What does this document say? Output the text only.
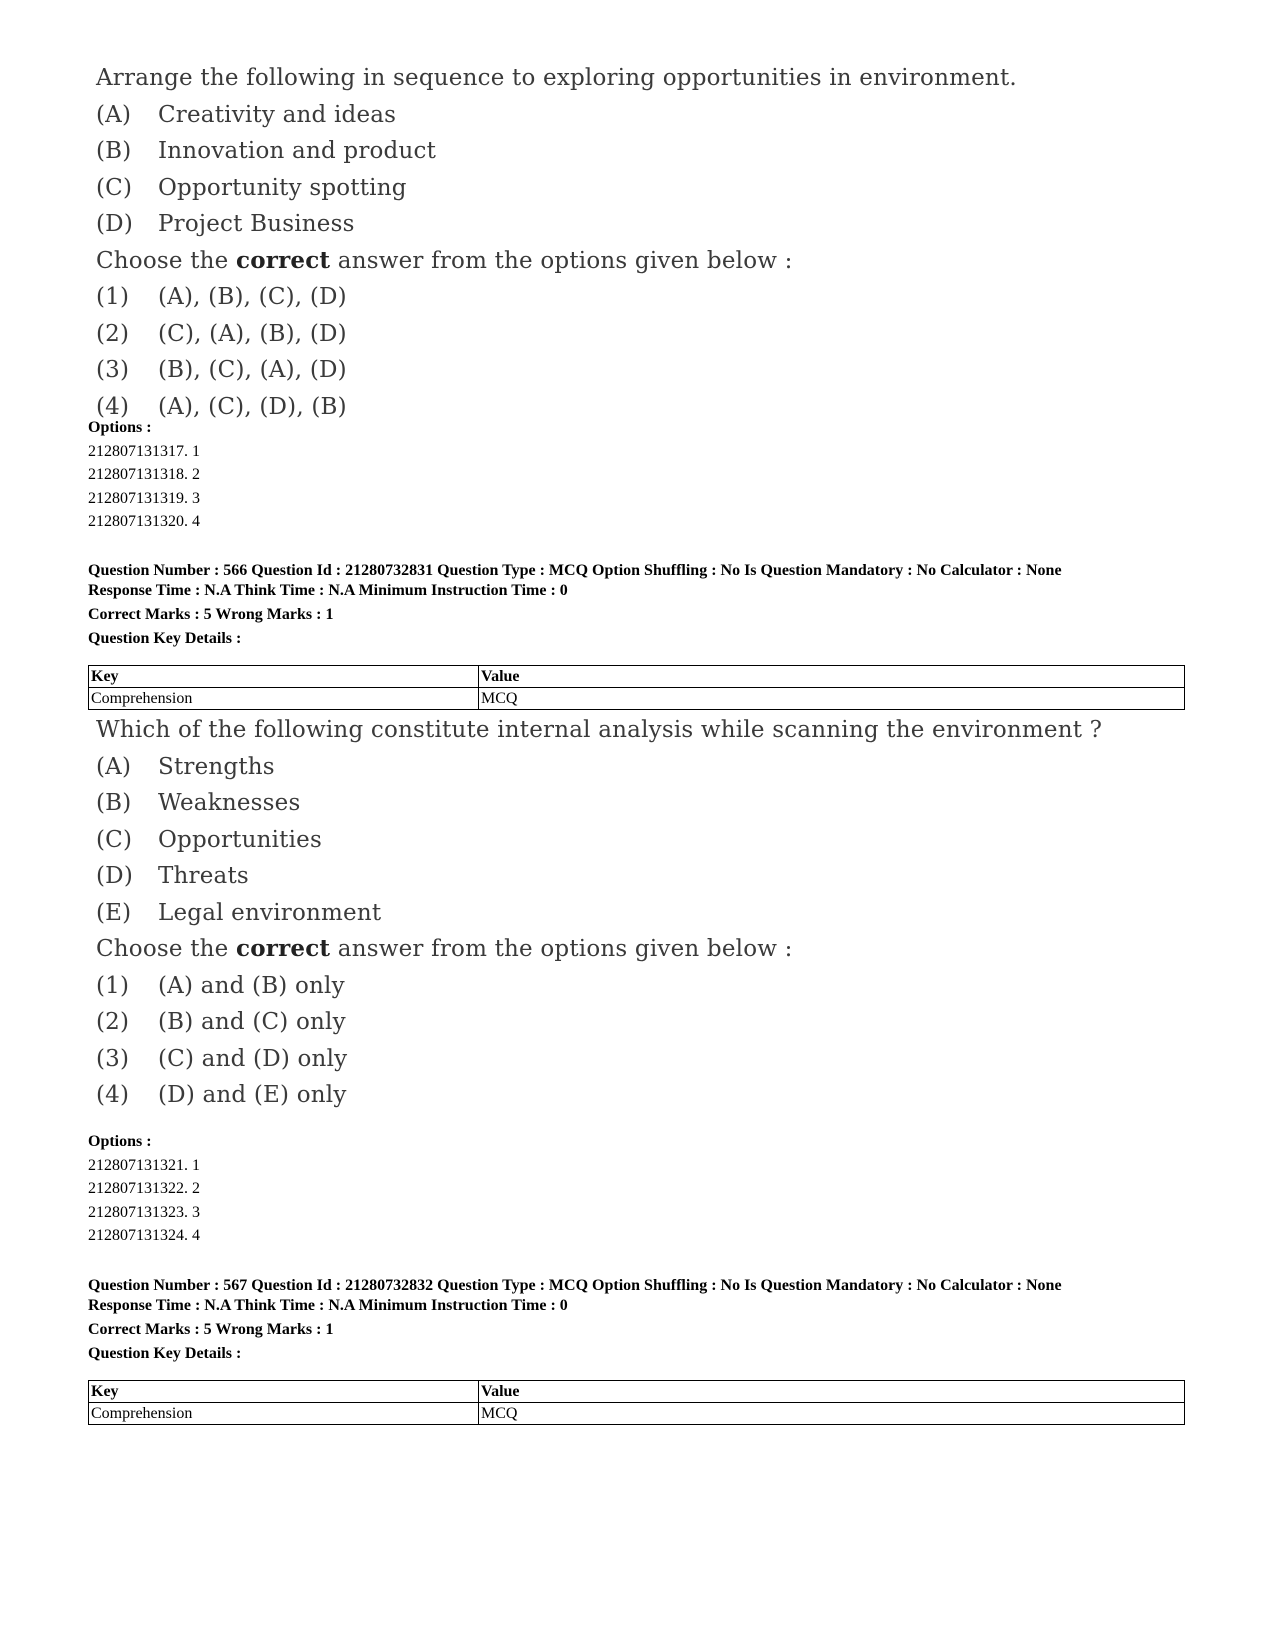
Arrange the following in sequence to exploring opportunities in environment.
(A)	Creativity and ideas
(B)	Innovation and product
(C)	Opportunity spotting
(D)	Project Business
Choose the correct answer from the options given below :
(1)	(A), (B), (C), (D)
(2)	(C), (A), (B), (D)
(3)	(B), (C), (A), (D)
(4)	(A), (C), (D), (B)
Options :
212807131317. 1
212807131318. 2
212807131319. 3
212807131320. 4
Question Number : 566 Question Id : 21280732831 Question Type : MCQ Option Shuffling : No Is Question Mandatory : No Calculator : None
Response Time : N.A Think Time : N.A Minimum Instruction Time : 0
Correct Marks : 5 Wrong Marks : 1
Question Key Details :
Key	Value
Comprehension	MCQ
Which of the following constitute internal analysis while scanning the environment ?
(A)	Strengths
(B)	Weaknesses
(C)	Opportunities
(D)	Threats
(E)	Legal environment
Choose the correct answer from the options given below :
(1)	(A) and (B) only
(2)	(B) and (C) only
(3)	(C) and (D) only
(4)	(D) and (E) only
Options :
212807131321. 1
212807131322. 2
212807131323. 3
212807131324. 4
Question Number : 567 Question Id : 21280732832 Question Type : MCQ Option Shuffling : No Is Question Mandatory : No Calculator : None
Response Time : N.A Think Time : N.A Minimum Instruction Time : 0
Correct Marks : 5 Wrong Marks : 1
Question Key Details :
Key	Value
Comprehension	MCQ
